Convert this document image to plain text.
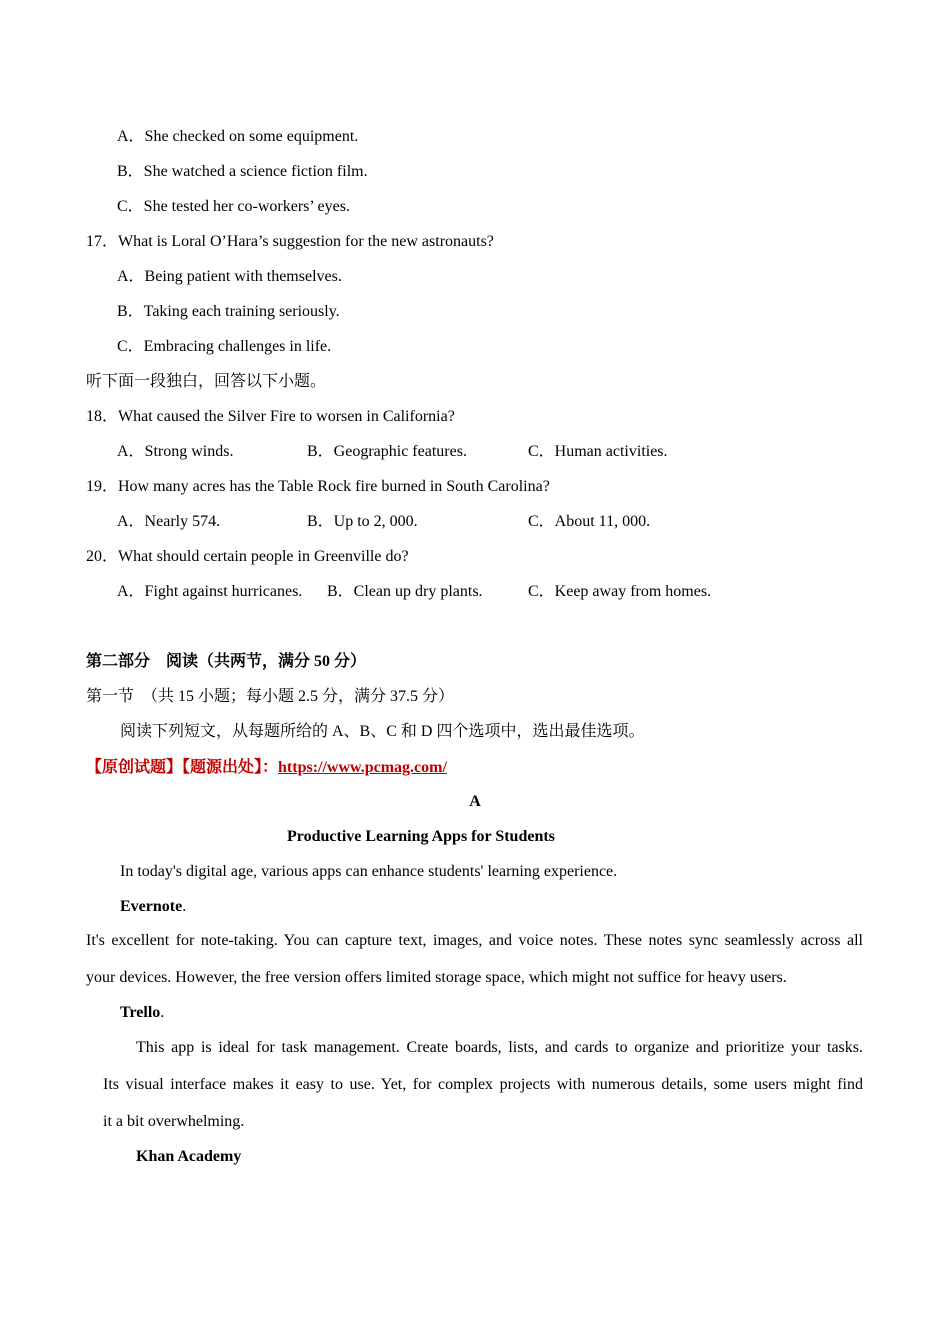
A．She checked on some equipment.
B．She watched a science fiction film.
C．She tested her co-workers’ eyes.
17．What is Loral O’Hara’s suggestion for the new astronauts?
A．Being patient with themselves.
B．Taking each training seriously.
C．Embracing challenges in life.
听下面一段独白，回答以下小题。
18．What caused the Silver Fire to worsen in California?
A．Strong winds.	B．Geographic features.	C．Human activities.
19．How many acres has the Table Rock fire burned in South Carolina?
A．Nearly 574.	B．Up to 2, 000.	C．About 11, 000.
20．What should certain people in Greenville do?
A．Fight against hurricanes. B．Clean up dry plants.	C．Keep away from homes.
第二部分　阅读（共两节，满分 50 分）
第一节　（共 15 小题；每小题 2.5 分，满分 37.5 分）
阅读下列短文，从每题所给的 A、B、C 和 D 四个选项中，选出最佳选项。
【原创试题】【题源出处】：https://www.pcmag.com/
A
Productive Learning Apps for Students
In today's digital age, various apps can enhance students' learning experience.
Evernote.
It's excellent for note-taking. You can capture text, images, and voice notes. These notes sync seamlessly across all
your devices. However, the free version offers limited storage space, which might not suffice for heavy users.
Trello.
This app is ideal for task management. Create boards, lists, and cards to organize and prioritize your tasks.
Its visual interface makes it easy to use. Yet, for complex projects with numerous details, some users might find
it a bit overwhelming.
Khan Academy
